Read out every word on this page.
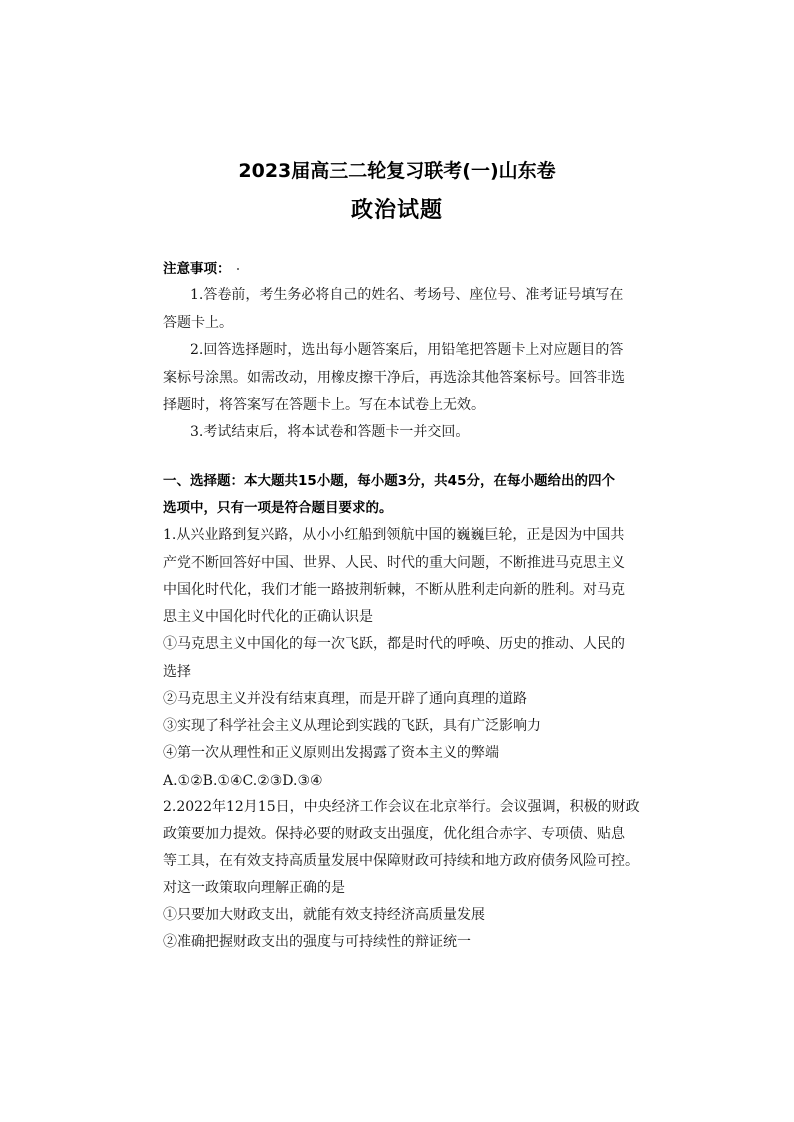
2023届高三二轮复习联考(一)山东卷
政治试题
注意事项：
1.答卷前，考生务必将自己的姓名、考场号、座位号、准考证号填写在
答题卡上。
2.回答选择题时，选出每小题答案后，用铅笔把答题卡上对应题目的答
案标号涂黑。如需改动，用橡皮擦干净后，再选涂其他答案标号。回答非选
择题时，将答案写在答题卡上。写在本试卷上无效。
3.考试结束后，将本试卷和答题卡一并交回。
一、选择题：本大题共15小题，每小题3分，共45分，在每小题给出的四个
选项中，只有一项是符合题目要求的。
1.从兴业路到复兴路，从小小红船到领航中国的巍巍巨轮，正是因为中国共
产党不断回答好中国、世界、人民、时代的重大问题，不断推进马克思主义
中国化时代化，我们才能一路披荆斩棘，不断从胜利走向新的胜利。对马克
思主义中国化时代化的正确认识是
①马克思主义中国化的每一次飞跃，都是时代的呼唤、历史的推动、人民的
选择
②马克思主义并没有结束真理，而是开辟了通向真理的道路
③实现了科学社会主义从理论到实践的飞跃，具有广泛影响力
④第一次从理性和正义原则出发揭露了资本主义的弊端
A.①②B.①④C.②③D.③④
2.2022年12月15日，中央经济工作会议在北京举行。会议强调，积极的财政
政策要加力提效。保持必要的财政支出强度，优化组合赤字、专项债、贴息
等工具，在有效支持高质量发展中保障财政可持续和地方政府债务风险可控。
对这一政策取向理解正确的是
①只要加大财政支出，就能有效支持经济高质量发展
②准确把握财政支出的强度与可持续性的辩证统一
